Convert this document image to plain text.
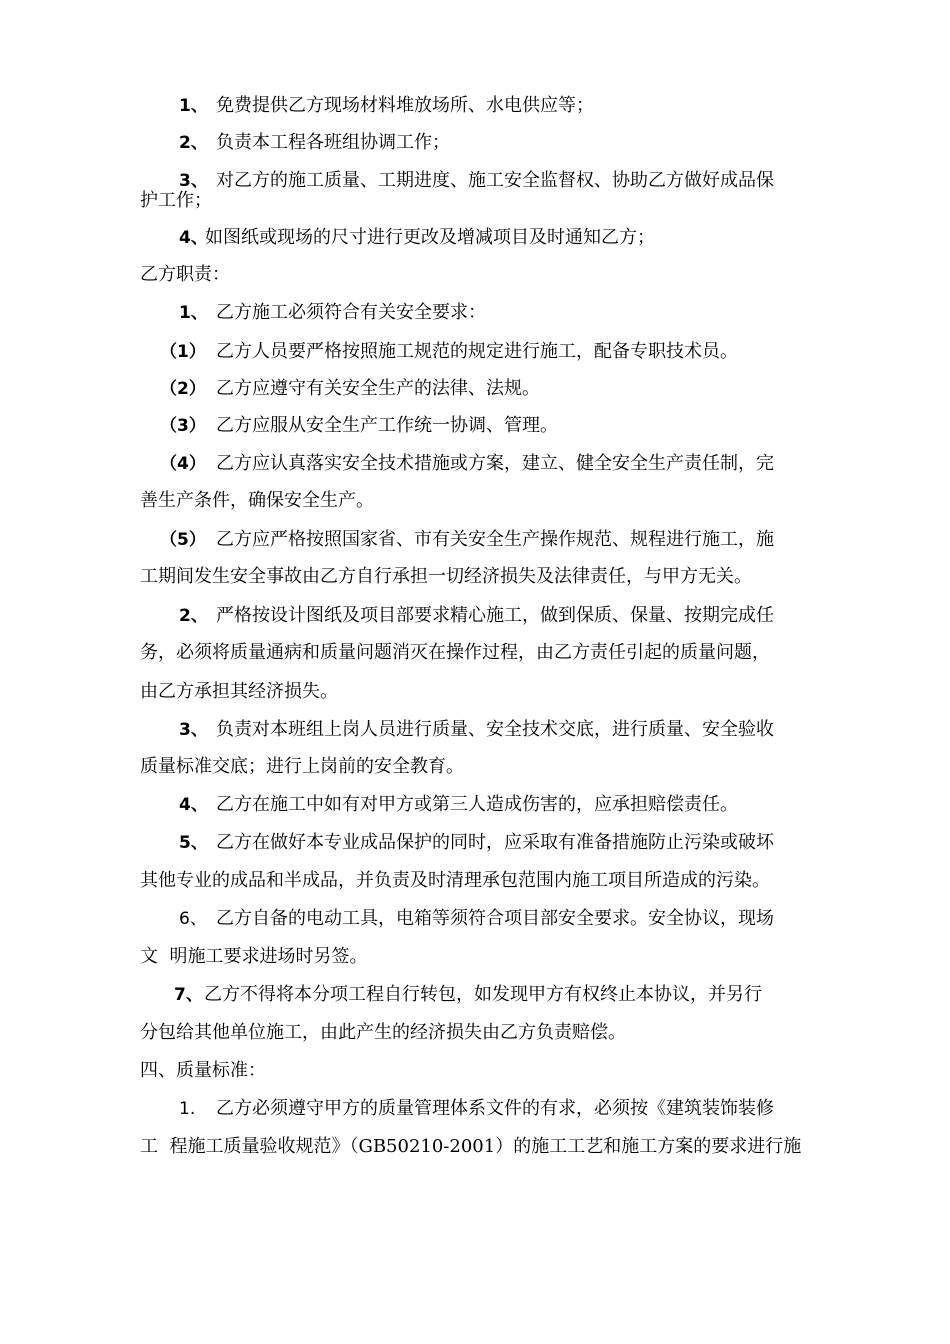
1、

免费提供乙方现场材料堆放场所、水电供应等；

2、

负责本工程各班组协调工作；

3、

对乙方的施工质量、工期进度、施工安全监督权、协助乙方做好成品保

护工作；

4、

如图纸或现场的尺寸进行更改及增减项目及时通知乙方；

乙方职责：

1、

乙方施工必须符合有关安全要求：

（1）

乙方人员要严格按照施工规范的规定进行施工，配备专职技术员。

（2）

乙方应遵守有关安全生产的法律、法规。

（3）

乙方应服从安全生产工作统一协调、管理。

（4）

乙方应认真落实安全技术措施或方案，建立、健全安全生产责任制，完

善生产条件，确保安全生产。

（5）

乙方应严格按照国家省、市有关安全生产操作规范、规程进行施工，施

工期间发生安全事故由乙方自行承担一切经济损失及法律责任，与甲方无关。

2、

严格按设计图纸及项目部要求精心施工，做到保质、保量、按期完成任

务，必须将质量通病和质量问题消灭在操作过程，由乙方责任引起的质量问题，

由乙方承担其经济损失。

3、

负责对本班组上岗人员进行质量、安全技术交底，进行质量、安全验收

质量标准交底；进行上岗前的安全教育。

4、

乙方在施工中如有对甲方或第三人造成伤害的，应承担赔偿责任。

5、

乙方在做好本专业成品保护的同时，应采取有准备措施防止污染或破坏

其他专业的成品和半成品，并负责及时清理承包范围内施工项目所造成的污染。

6、

乙方自备的电动工具，电箱等须符合项目部安全要求。安全协议，现场

文  明施工要求进场时另签。

7、

乙方不得将本分项工程自行转包，如发现甲方有权终止本协议，并另行

分包给其他单位施工，由此产生的经济损失由乙方负责赔偿。

四、质量标准：

1.

乙方必须遵守甲方的质量管理体系文件的有求，必须按《建筑装饰装修

工  程施工质量验收规范》（GB50210-2001）的施工工艺和施工方案的要求进行施
